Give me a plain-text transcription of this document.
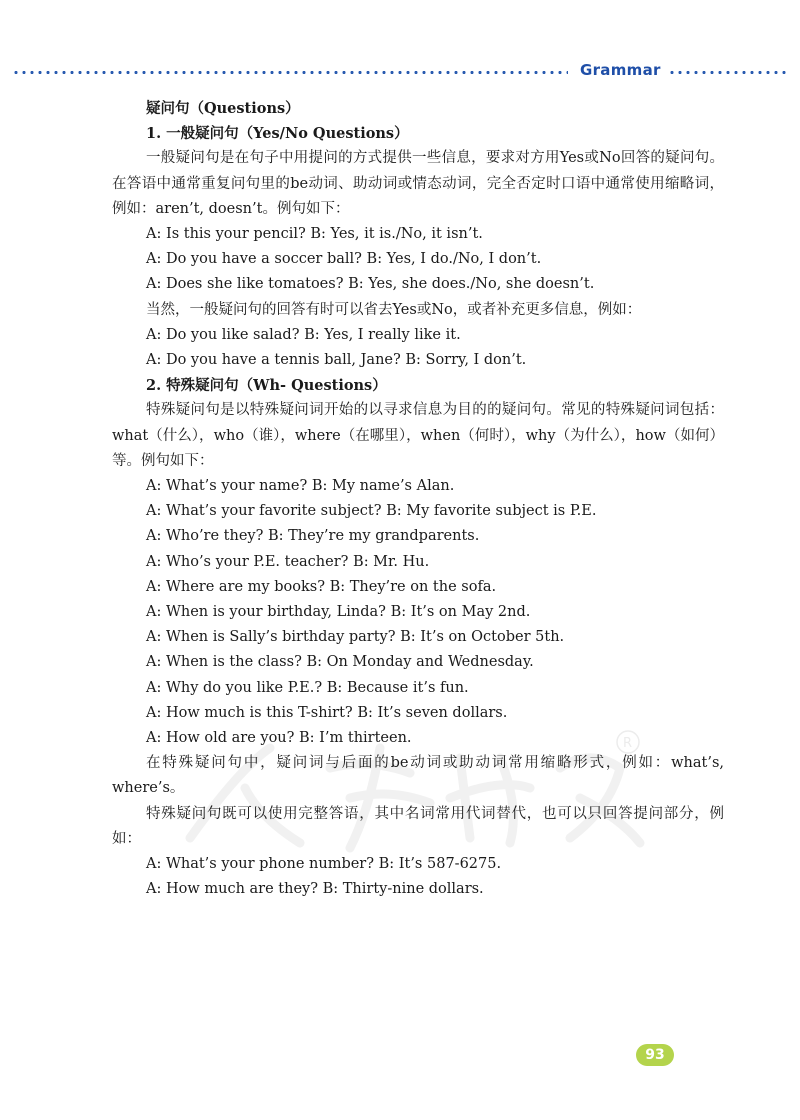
Grammar
R
疑问句（Questions）
1. 一般疑问句（Yes/No Questions）
一般疑问句是在句子中用提问的方式提供一些信息，要求对方用Yes或No回答的疑问句。在答语中通常重复问句里的be动词、助动词或情态动词，完全否定时口语中通常使用缩略词，例如：aren’t, doesn’t。例句如下：
A: Is this your pencil? B: Yes, it is./No, it isn’t.
A: Do you have a soccer ball? B: Yes, I do./No, I don’t.
A: Does she like tomatoes? B: Yes, she does./No, she doesn’t.
当然，一般疑问句的回答有时可以省去Yes或No，或者补充更多信息，例如：
A: Do you like salad? B: Yes, I really like it.
A: Do you have a tennis ball, Jane? B: Sorry, I don’t.
2. 特殊疑问句（Wh- Questions）
特殊疑问句是以特殊疑问词开始的以寻求信息为目的的疑问句。常见的特殊疑问词包括：what（什么），who（谁），where（在哪里），when（何时），why（为什么），how（如何）等。例句如下：
A: What’s your name? B: My name’s Alan.
A: What’s your favorite subject? B: My favorite subject is P.E.
A: Who’re they? B: They’re my grandparents.
A: Who’s your P.E. teacher? B: Mr. Hu.
A: Where are my books? B: They’re on the sofa.
A: When is your birthday, Linda? B: It’s on May 2nd.
A: When is Sally’s birthday party? B: It’s on October 5th.
A: When is the class? B: On Monday and Wednesday.
A: Why do you like P.E.? B: Because it’s fun.
A: How much is this T-shirt? B: It’s seven dollars.
A: How old are you? B: I’m thirteen.
在特殊疑问句中，疑问词与后面的be动词或助动词常用缩略形式，例如：what’s, where’s。
特殊疑问句既可以使用完整答语，其中名词常用代词替代，也可以只回答提问部分，例如：
A: What’s your phone number? B: It’s 587-6275.
A: How much are they? B: Thirty-nine dollars.
93
